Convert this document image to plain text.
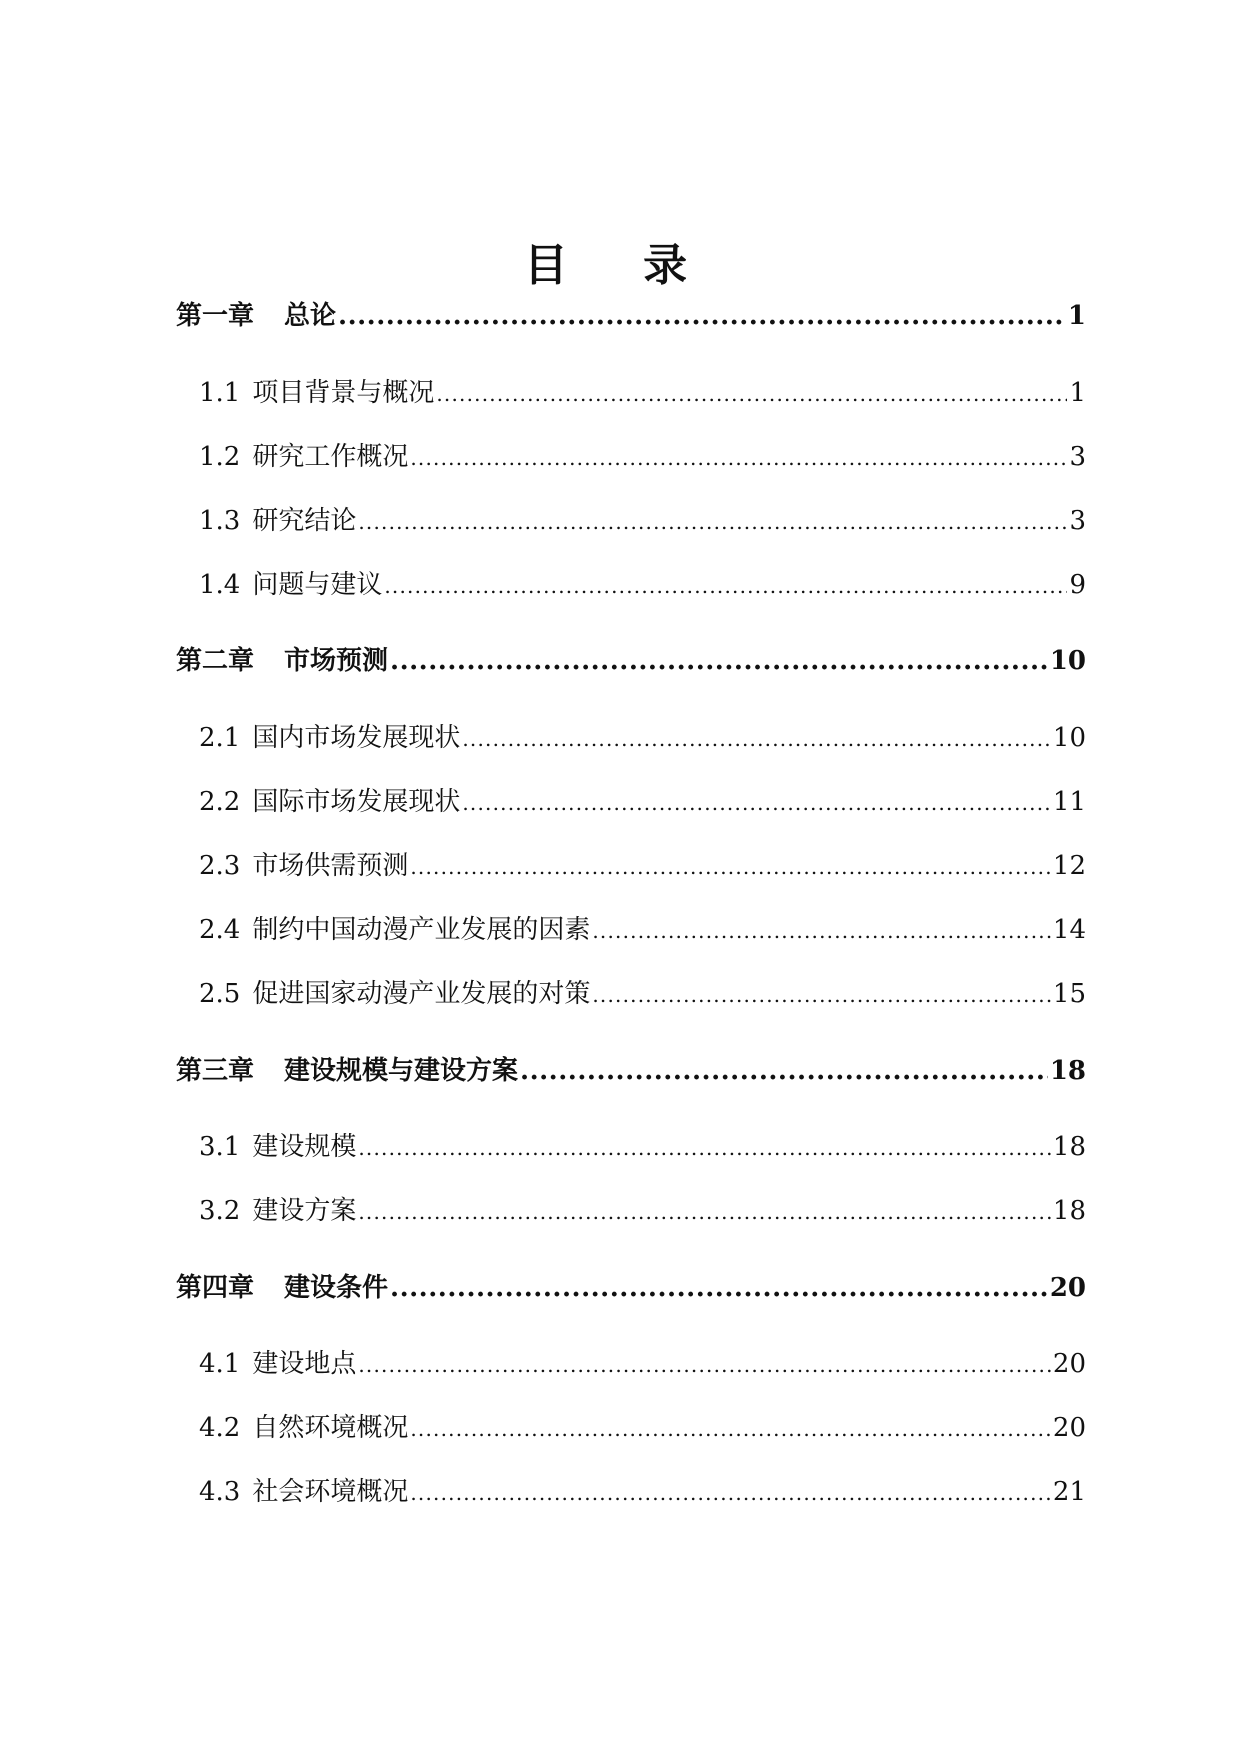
目 录
第一章 总论 .....	1
1.1 项目背景与概况 .....	1
1.2 研究工作概况 .....	3
1.3 研究结论 .....	3
1.4 问题与建议 .....	9
第二章 市场预测 .....	10
2.1 国内市场发展现状 .....	10
2.2 国际市场发展现状 .....	11
2.3 市场供需预测 .....	12
2.4 制约中国动漫产业发展的因素 .....	14
2.5 促进国家动漫产业发展的对策 .....	15
第三章 建设规模与建设方案 .....	18
3.1 建设规模 .....	18
3.2 建设方案 .....	18
第四章 建设条件 .....	20
4.1 建设地点 .....	20
4.2 自然环境概况 .....	20
4.3 社会环境概况 .....	21
